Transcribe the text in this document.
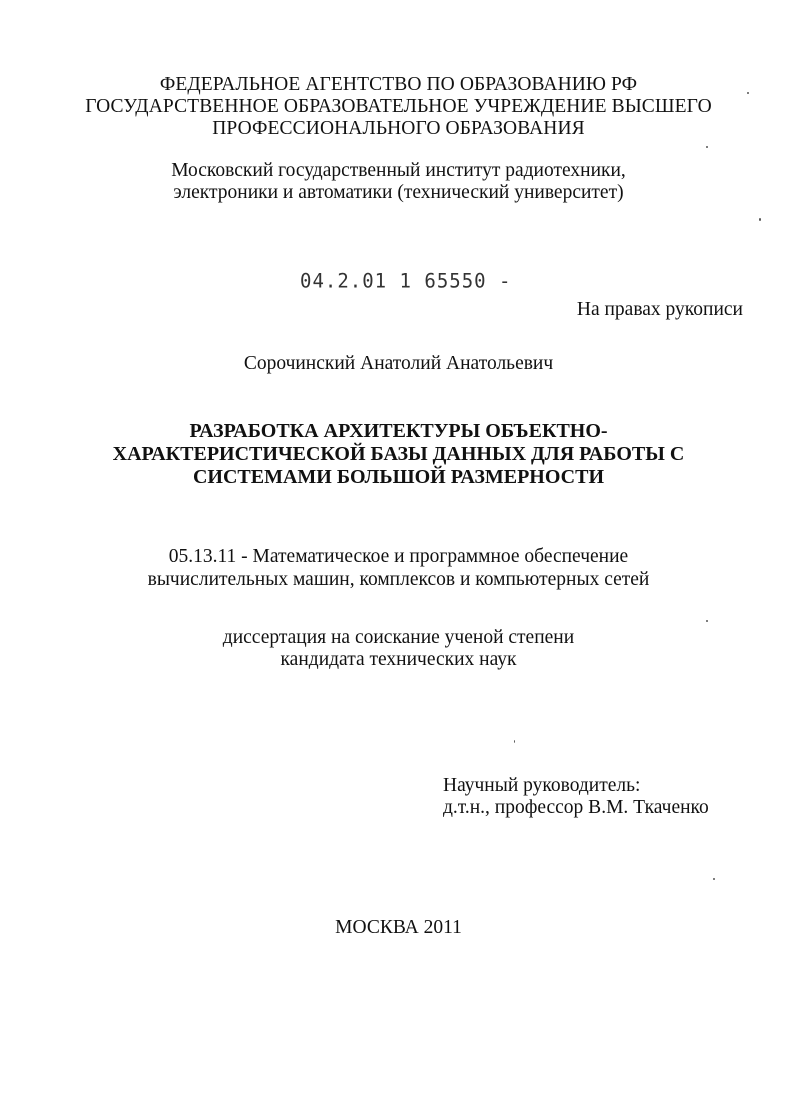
ФЕДЕРАЛЬНОЕ АГЕНТСТВО ПО ОБРАЗОВАНИЮ РФ
ГОСУДАРСТВЕННОЕ ОБРАЗОВАТЕЛЬНОЕ УЧРЕЖДЕНИЕ ВЫСШЕГО
ПРОФЕССИОНАЛЬНОГО ОБРАЗОВАНИЯ
Московский государственный институт радиотехники,
электроники и автоматики (технический университет)
04.2.01 1 65550 -
На правах рукописи
Сорочинский Анатолий Анатольевич
РАЗРАБОТКА АРХИТЕКТУРЫ ОБЪЕКТНО-
ХАРАКТЕРИСТИЧЕСКОЙ БАЗЫ ДАННЫХ ДЛЯ РАБОТЫ С
СИСТЕМАМИ БОЛЬШОЙ РАЗМЕРНОСТИ
05.13.11 - Математическое и программное обеспечение
вычислительных машин, комплексов и компьютерных сетей
диссертация на соискание ученой степени
кандидата технических наук
Научный руководитель:
д.т.н., профессор В.М. Ткаченко
МОСКВА 2011
